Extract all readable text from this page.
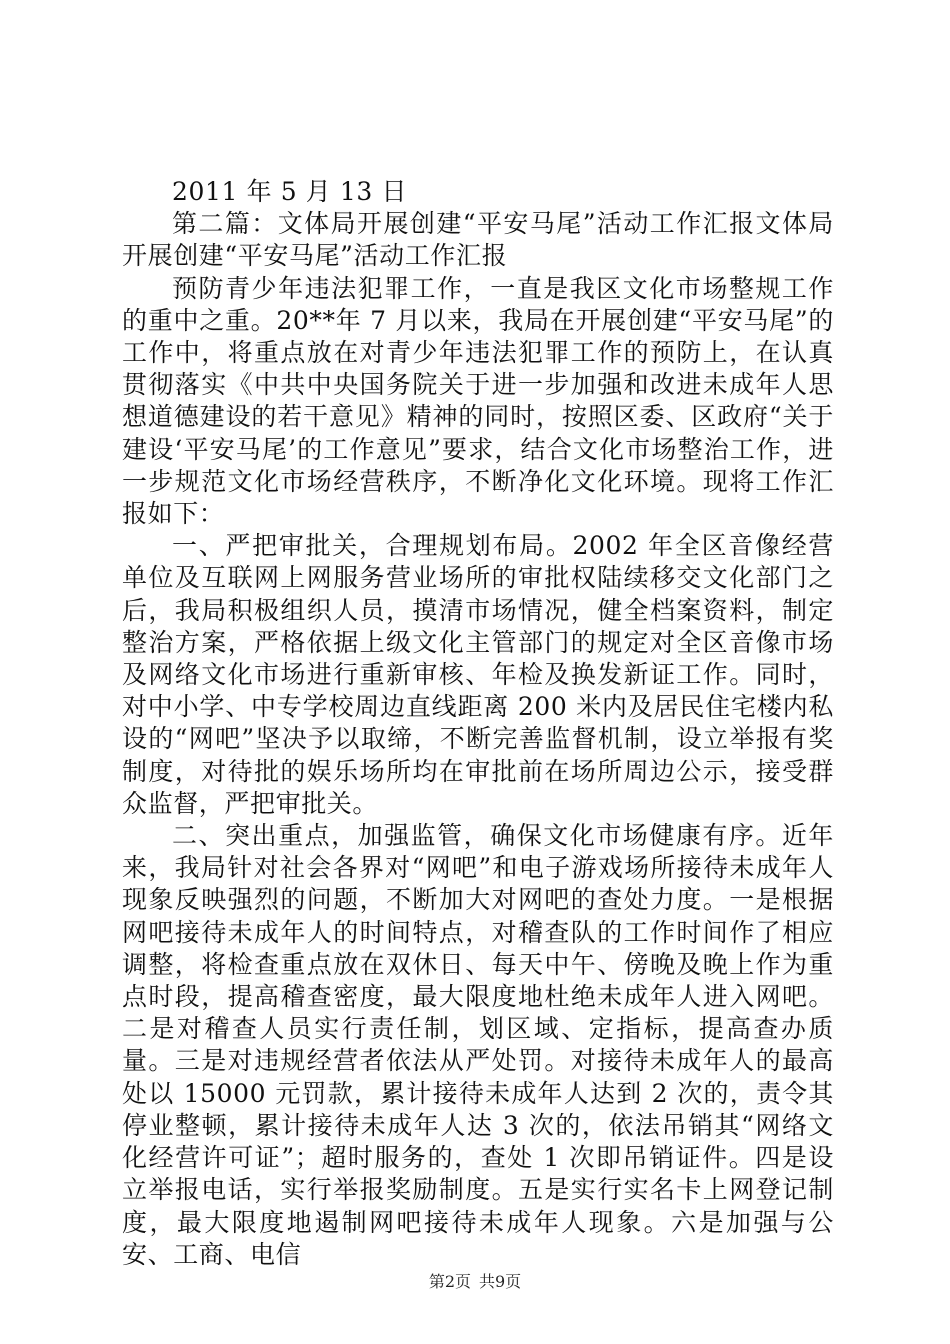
2011 年 5 月 13 日

第二篇：文体局开展创建“平安马尾”活动工作汇报文体局开展创建“平安马尾”活动工作汇报

预防青少年违法犯罪工作，一直是我区文化市场整规工作的重中之重。20**年 7 月以来，我局在开展创建“平安马尾”的工作中，将重点放在对青少年违法犯罪工作的预防上，在认真贯彻落实《中共中央国务院关于进一步加强和改进未成年人思想道德建设的若干意见》精神的同时，按照区委、区政府“关于建设‘平安马尾’的工作意见”要求，结合文化市场整治工作，进一步规范文化市场经营秩序，不断净化文化环境。现将工作汇报如下：

一、严把审批关，合理规划布局。2002 年全区音像经营单位及互联网上网服务营业场所的审批权陆续移交文化部门之后，我局积极组织人员，摸清市场情况，健全档案资料，制定整治方案，严格依据上级文化主管部门的规定对全区音像市场及网络文化市场进行重新审核、年检及换发新证工作。同时，对中小学、中专学校周边直线距离 200 米内及居民住宅楼内私设的“网吧”坚决予以取缔，不断完善监督机制，设立举报有奖制度，对待批的娱乐场所均在审批前在场所周边公示，接受群众监督，严把审批关。

二、突出重点，加强监管，确保文化市场健康有序。近年来，我局针对社会各界对“网吧”和电子游戏场所接待未成年人现象反映强烈的问题，不断加大对网吧的查处力度。一是根据网吧接待未成年人的时间特点，对稽查队的工作时间作了相应调整，将检查重点放在双休日、每天中午、傍晚及晚上作为重点时段，提高稽查密度，最大限度地杜绝未成年人进入网吧。二是对稽查人员实行责任制，划区域、定指标，提高查办质量。三是对违规经营者依法从严处罚。对接待未成年人的最高处以 15000 元罚款，累计接待未成年人达到 2 次的，责令其停业整顿，累计接待未成年人达 3 次的，依法吊销其“网络文化经营许可证”；超时服务的，查处 1 次即吊销证件。四是设立举报电话，实行举报奖励制度。五是实行实名卡上网登记制度，最大限度地遏制网吧接待未成年人现象。六是加强与公安、工商、电信

第2页 共9页
